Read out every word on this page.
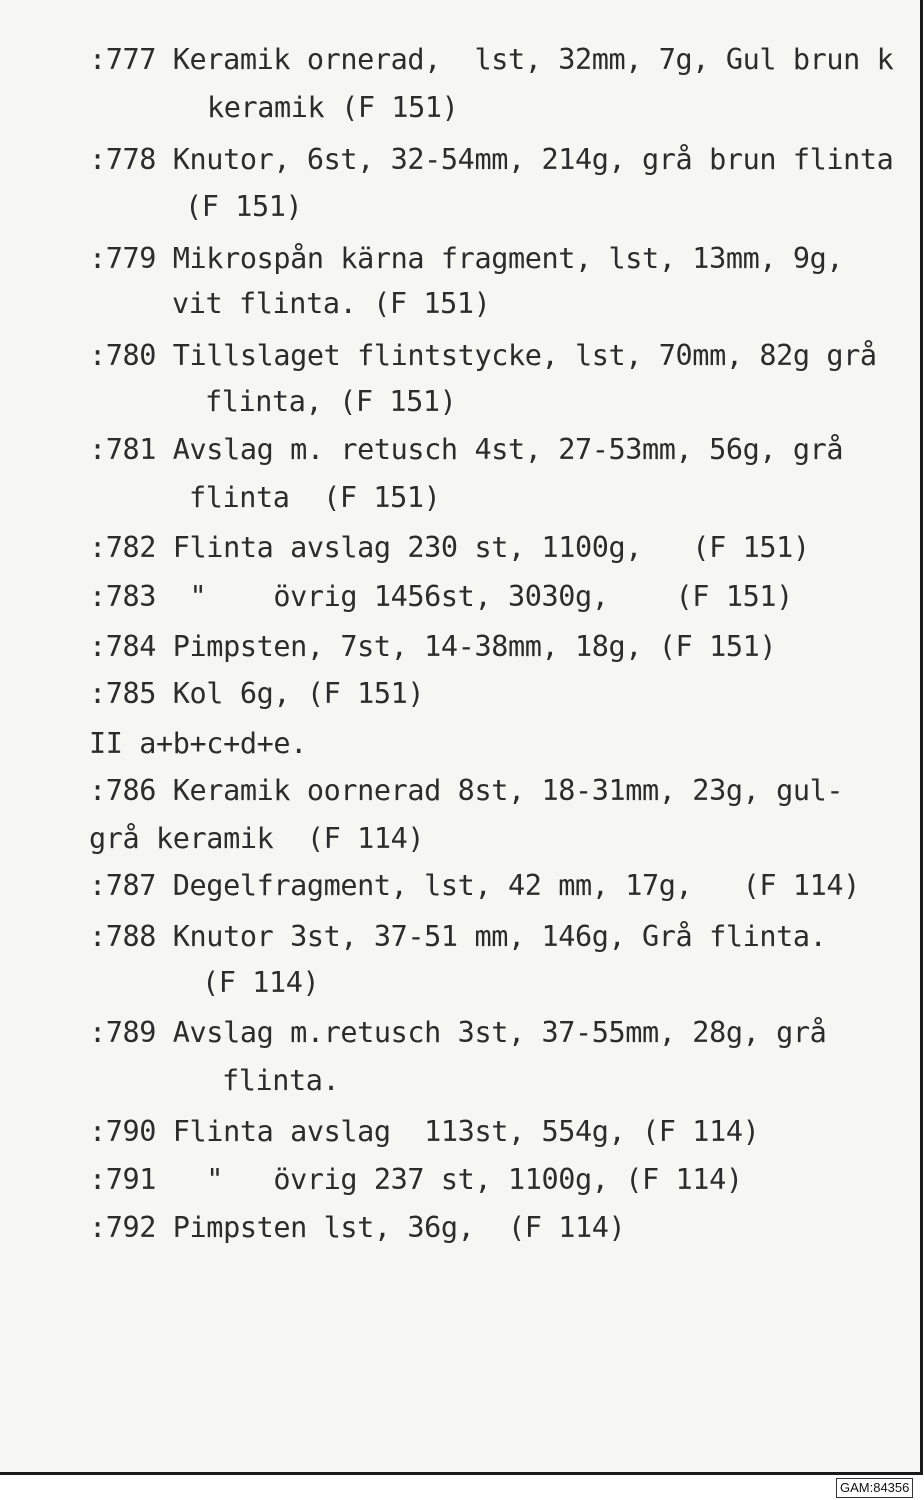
:777 Keramik ornerad,  lst, 32mm, 7g, Gul brun k
keramik (F 151)
:778 Knutor, 6st, 32-54mm, 214g, grå brun flinta
(F 151)
:779 Mikrospån kärna fragment, lst, 13mm, 9g,
vit flinta. (F 151)
:780 Tillslaget flintstycke, lst, 70mm, 82g grå
flinta, (F 151)
:781 Avslag m. retusch 4st, 27-53mm, 56g, grå
flinta  (F 151)
:782 Flinta avslag 230 st, 1100g,   (F 151)
:783  "    övrig 1456st, 3030g,    (F 151)
:784 Pimpsten, 7st, 14-38mm, 18g, (F 151)
:785 Kol 6g, (F 151)
II a+b+c+d+e.
:786 Keramik oornerad 8st, 18-31mm, 23g, gul-
grå keramik  (F 114)
:787 Degelfragment, lst, 42 mm, 17g,   (F 114)
:788 Knutor 3st, 37-51 mm, 146g, Grå flinta.
(F 114)
:789 Avslag m.retusch 3st, 37-55mm, 28g, grå
flinta.
:790 Flinta avslag  113st, 554g, (F 114)
:791   "   övrig 237 st, 1100g, (F 114)
:792 Pimpsten lst, 36g,  (F 114)
GAM:84356
